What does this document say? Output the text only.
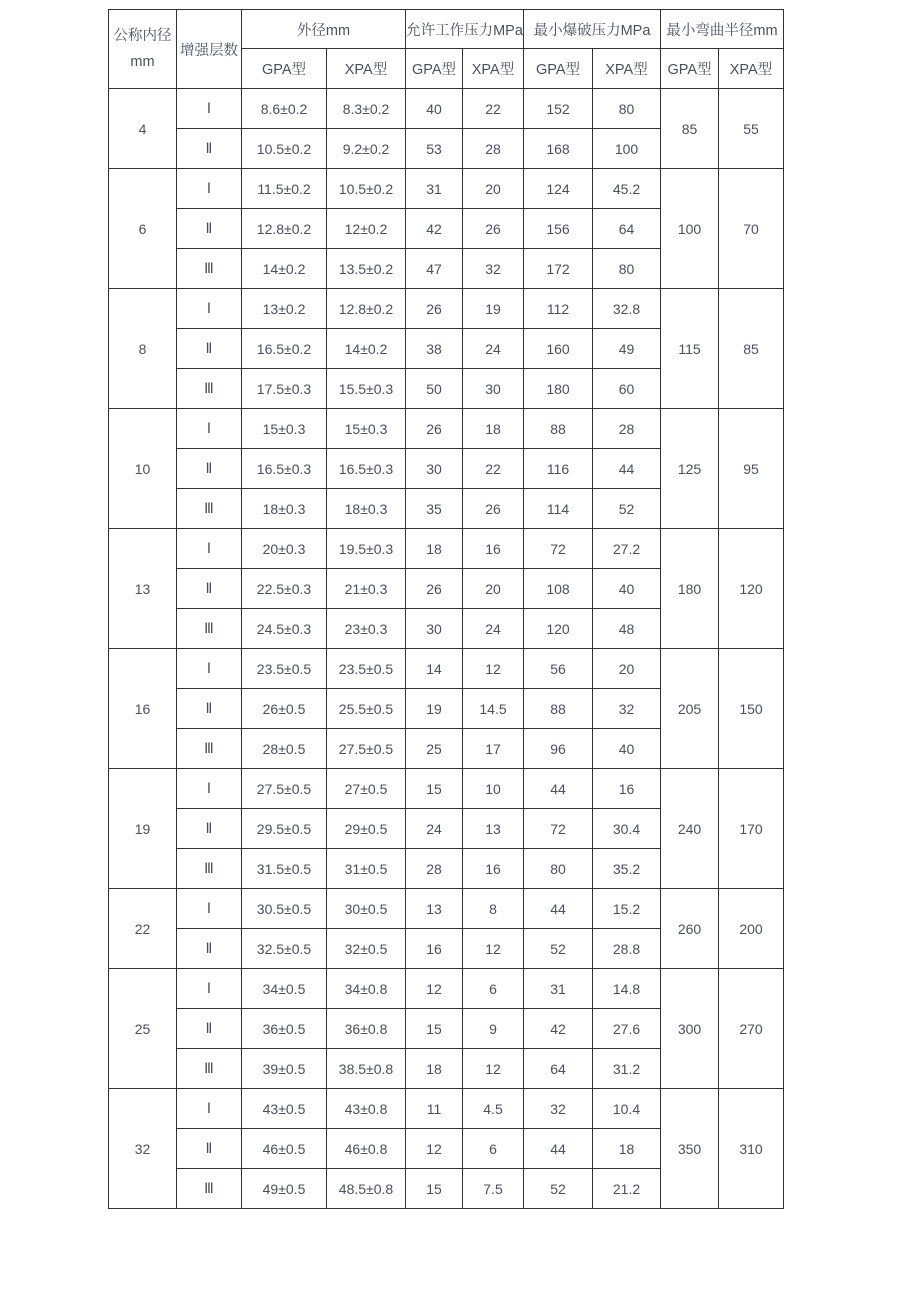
公称内径
mm	增强层数	外径mm		允许工作压力MPa		最小爆破压力MPa		最小弯曲半径mm	
		GPA型	XPA型	GPA型	XPA型	GPA型	XPA型	GPA型	XPA型
4	Ⅰ	8.6±0.2	8.3±0.2	40	22	152	80	85	55
	Ⅱ	10.5±0.2	9.2±0.2	53	28	168	100		
6	Ⅰ	11.5±0.2	10.5±0.2	31	20	124	45.2	100	70
	Ⅱ	12.8±0.2	12±0.2	42	26	156	64		
	Ⅲ	14±0.2	13.5±0.2	47	32	172	80		
8	Ⅰ	13±0.2	12.8±0.2	26	19	112	32.8	115	85
	Ⅱ	16.5±0.2	14±0.2	38	24	160	49		
	Ⅲ	17.5±0.3	15.5±0.3	50	30	180	60		
10	Ⅰ	15±0.3	15±0.3	26	18	88	28	125	95
	Ⅱ	16.5±0.3	16.5±0.3	30	22	116	44		
	Ⅲ	18±0.3	18±0.3	35	26	114	52		
13	Ⅰ	20±0.3	19.5±0.3	18	16	72	27.2	180	120
	Ⅱ	22.5±0.3	21±0.3	26	20	108	40		
	Ⅲ	24.5±0.3	23±0.3	30	24	120	48		
16	Ⅰ	23.5±0.5	23.5±0.5	14	12	56	20	205	150
	Ⅱ	26±0.5	25.5±0.5	19	14.5	88	32		
	Ⅲ	28±0.5	27.5±0.5	25	17	96	40		
19	Ⅰ	27.5±0.5	27±0.5	15	10	44	16	240	170
	Ⅱ	29.5±0.5	29±0.5	24	13	72	30.4		
	Ⅲ	31.5±0.5	31±0.5	28	16	80	35.2		
22	Ⅰ	30.5±0.5	30±0.5	13	8	44	15.2	260	200
	Ⅱ	32.5±0.5	32±0.5	16	12	52	28.8		
25	Ⅰ	34±0.5	34±0.8	12	6	31	14.8	300	270
	Ⅱ	36±0.5	36±0.8	15	9	42	27.6		
	Ⅲ	39±0.5	38.5±0.8	18	12	64	31.2		
32	Ⅰ	43±0.5	43±0.8	11	4.5	32	10.4	350	310
	Ⅱ	46±0.5	46±0.8	12	6	44	18		
	Ⅲ	49±0.5	48.5±0.8	15	7.5	52	21.2		
